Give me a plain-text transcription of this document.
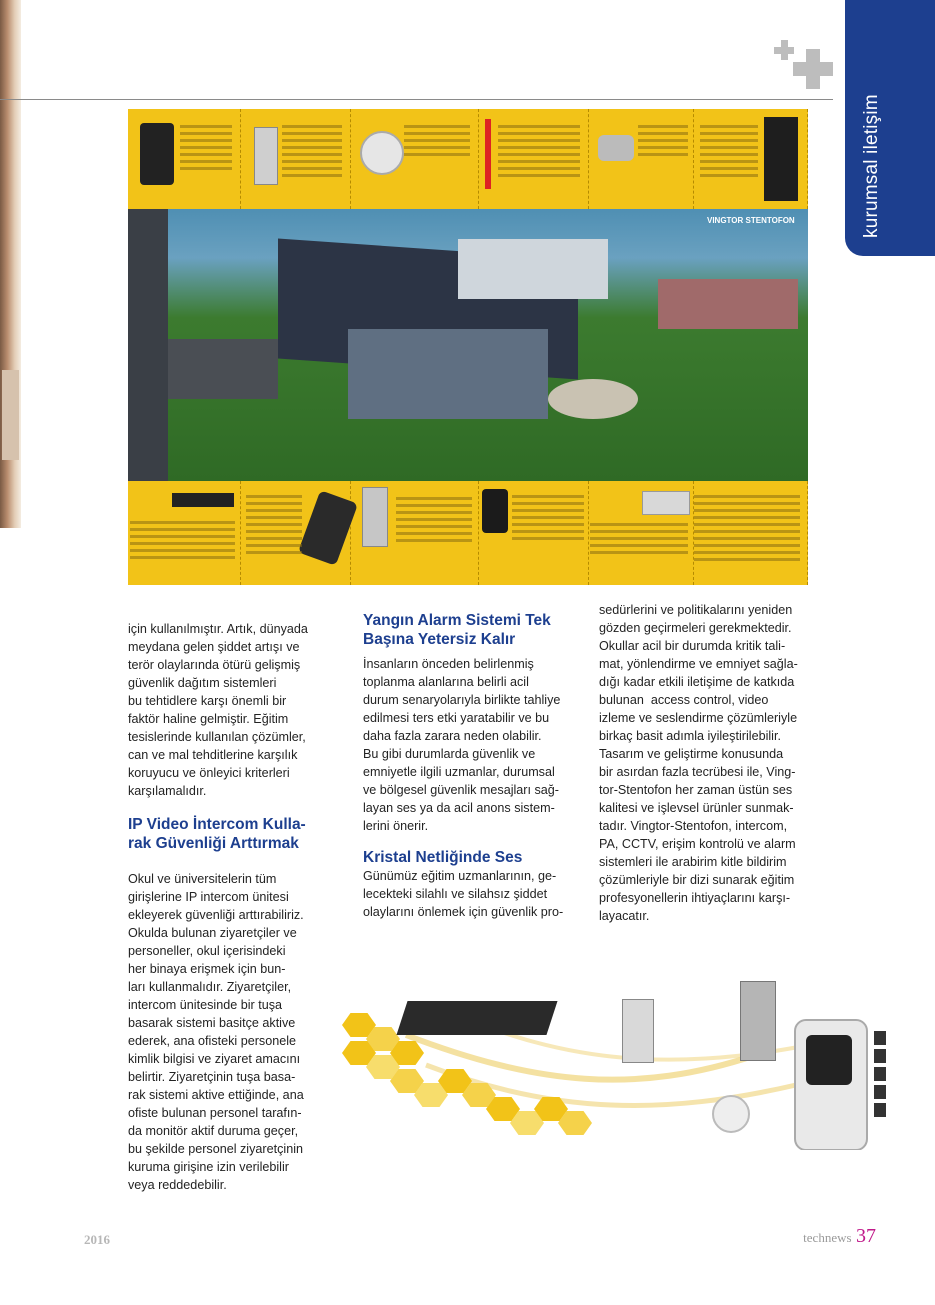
kurumsal iletişim
VINGTOR STENTOFON

için kullanılmıştır. Artık, dünyada
meydana gelen şiddet artışı ve
terör olaylarında ötürü gelişmiş
güvenlik dağıtım sistemleri
bu tehtidlere karşı önemli bir
faktör haline gelmiştir. Eğitim
tesislerinde kullanılan çözümler,
can ve mal tehditlerine karşılık
koruyucu ve önleyici kriterleri
karşılamalıdır.

IP Video İntercom Kulla-
rak Güvenliği Arttırmak

Okul ve üniversitelerin tüm
girişlerine IP intercom ünitesi
ekleyerek güvenliği arttırabiliriz.
Okulda bulunan ziyaretçiler ve
personeller, okul içerisindeki
her binaya erişmek için bun-
ları kullanmalıdır. Ziyaretçiler,
intercom ünitesinde bir tuşa
basarak sistemi basitçe aktive
ederek, ana ofisteki personele
kimlik bilgisi ve ziyaret amacını
belirtir. Ziyaretçinin tuşa basa-
rak sistemi aktive ettiğinde, ana
ofiste bulunan personel tarafın-
da monitör aktif duruma geçer,
bu şekilde personel ziyaretçinin
kuruma girişine izin verilebilir
veya reddedebilir.

Yangın Alarm Sistemi Tek
Başına Yetersiz Kalır

İnsanların önceden belirlenmiş
toplanma alanlarına belirli acil
durum senaryolarıyla birlikte tahliye
edilmesi ters etki yaratabilir ve bu
daha fazla zarara neden olabilir.
Bu gibi durumlarda güvenlik ve
emniyetle ilgili uzmanlar, durumsal
ve bölgesel güvenlik mesajları sağ-
layan ses ya da acil anons sistem-
lerini önerir.

Kristal Netliğinde Ses

Günümüz eğitim uzmanlarının, ge-
lecekteki silahlı ve silahsız şiddet
olaylarını önlemek için güvenlik pro-

sedürlerini ve politikalarını yeniden
gözden geçirmeleri gerekmektedir.
Okullar acil bir durumda kritik tali-
mat, yönlendirme ve emniyet sağla-
dığı kadar etkili iletişime de katkıda
bulunan  access control, video
izleme ve seslendirme çözümleriyle
birkaç basit adımla iyileştirilebilir.
Tasarım ve geliştirme konusunda
bir asırdan fazla tecrübesi ile, Ving-
tor-Stentofon her zaman üstün ses
kalitesi ve işlevsel ürünler sunmak-
tadır. Vingtor-Stentofon, intercom,
PA, CCTV, erişim kontrolü ve alarm
sistemleri ile arabirim kitle bildirim
çözümleriyle bir dizi sunarak eğitim
profesyonellerin ihtiyaçlarını karşı-
layacatır.

2016	technews 37
